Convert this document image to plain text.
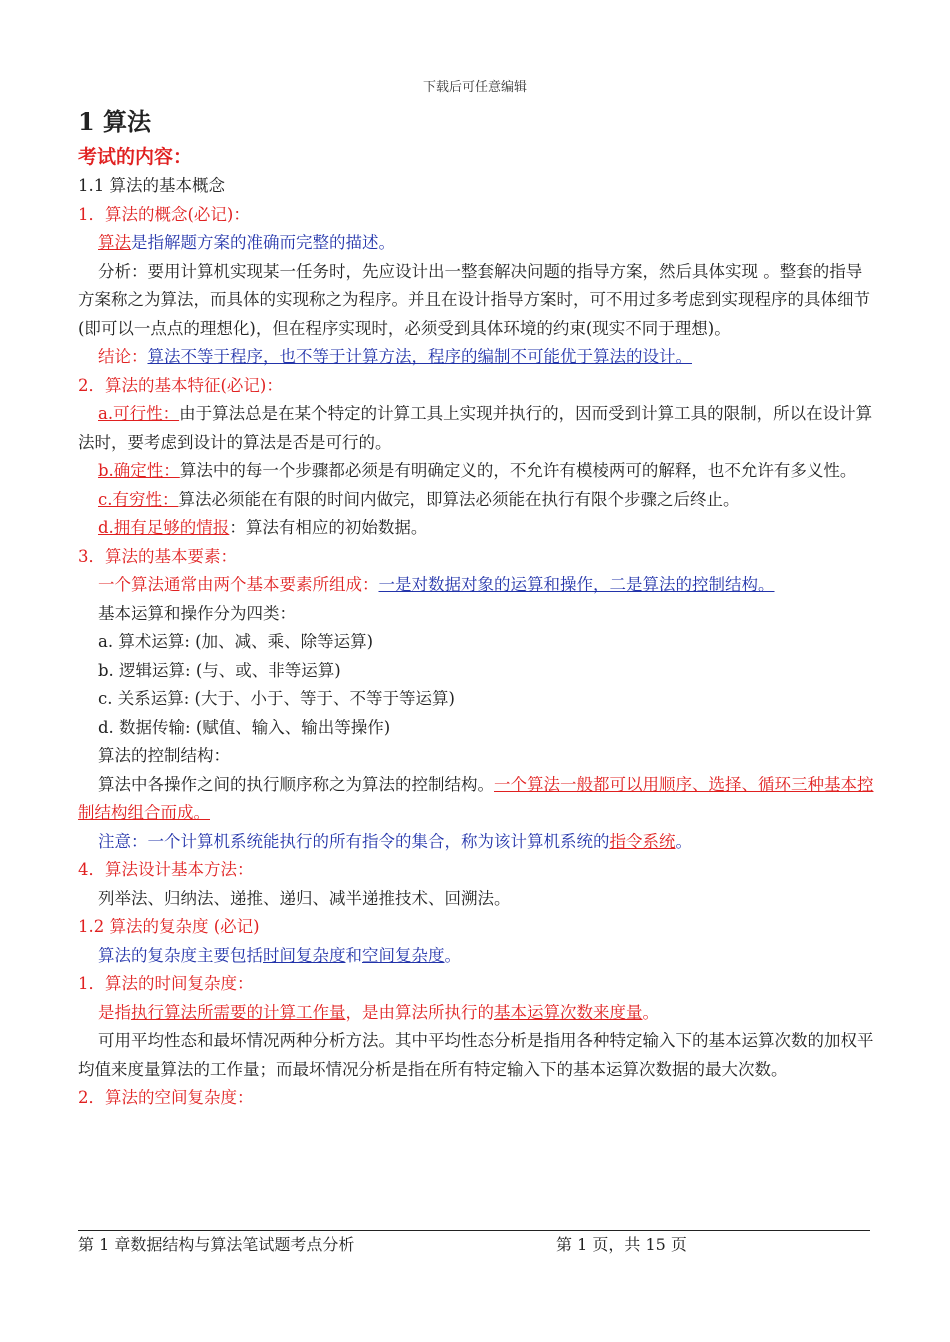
下载后可任意编辑
1 算法
考试的内容：
1.1 算法的基本概念
1．算法的概念(必记)：
算法是指解题方案的准确而完整的描述。
分析：要用计算机实现某一任务时，先应设计出一整套解决问题的指导方案，然后具体实现 。整套的指导方案称之为算法，而具体的实现称之为程序。并且在设计指导方案时，可不用过多考虑到实现程序的具体细节(即可以一点点的理想化)，但在程序实现时，必须受到具体环境的约束(现实不同于理想)。
结论：算法不等于程序，也不等于计算方法，程序的编制不可能优于算法的设计。
2．算法的基本特征(必记)：
a.可行性：由于算法总是在某个特定的计算工具上实现并执行的，因而受到计算工具的限制，所以在设计算法时，要考虑到设计的算法是否是可行的。
b.确定性：算法中的每一个步骤都必须是有明确定义的，不允许有模棱两可的解释，也不允许有多义性。
c.有穷性：算法必须能在有限的时间内做完，即算法必须能在执行有限个步骤之后终止。
d.拥有足够的情报：算法有相应的初始数据。
3．算法的基本要素：
一个算法通常由两个基本要素所组成：一是对数据对象的运算和操作，二是算法的控制结构。
基本运算和操作分为四类：
a. 算术运算: (加、减、乘、除等运算)
b. 逻辑运算: (与、或、非等运算)
c. 关系运算: (大于、小于、等于、不等于等运算)
d. 数据传输: (赋值、输入、输出等操作)
算法的控制结构：
算法中各操作之间的执行顺序称之为算法的控制结构。一个算法一般都可以用顺序、选择、循环三种基本控制结构组合而成。
注意：一个计算机系统能执行的所有指令的集合，称为该计算机系统的指令系统。
4．算法设计基本方法：
列举法、归纳法、递推、递归、减半递推技术、回溯法。
1.2 算法的复杂度 (必记)
算法的复杂度主要包括时间复杂度和空间复杂度。
1．算法的时间复杂度：
是指执行算法所需要的计算工作量，是由算法所执行的基本运算次数来度量。
可用平均性态和最坏情况两种分析方法。其中平均性态分析是指用各种特定输入下的基本运算次数的加权平均值来度量算法的工作量；而最坏情况分析是指在所有特定输入下的基本运算次数据的最大次数。
2．算法的空间复杂度：
第 1 章数据结构与算法笔试题考点分析	第 1 页，共 15 页
